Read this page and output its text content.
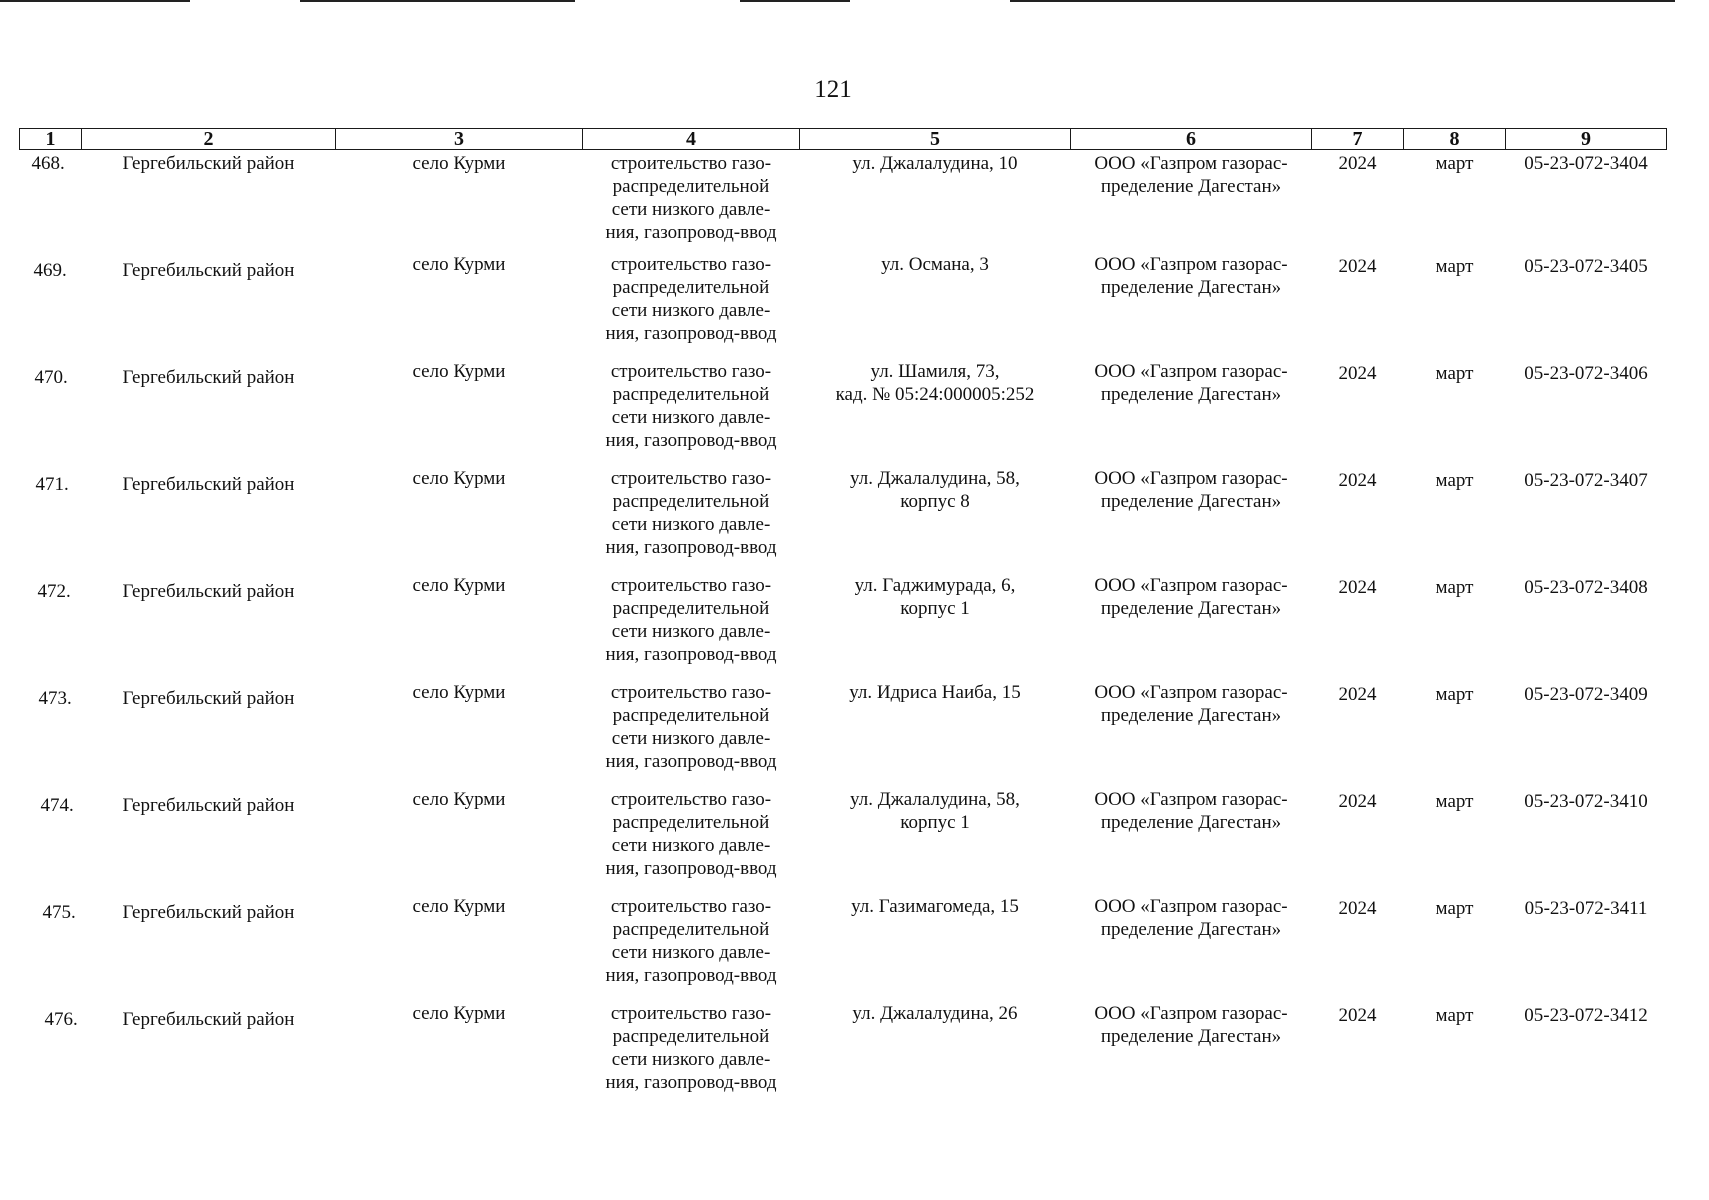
121
1	2	3	4	5	6	7	8	9
468.	Гергебильский район	село Курми	строительство газо-
распределительной
сети низкого давле-
ния, газопровод-ввод	ул. Джалалудина, 10	ООО «Газпром газорас-
пределение Дагестан»	2024	март	05-23-072-3404
469.	Гергебильский район	село Курми	строительство газо-
распределительной
сети низкого давле-
ния, газопровод-ввод	ул. Османа, 3	ООО «Газпром газорас-
пределение Дагестан»	2024	март	05-23-072-3405
470.	Гергебильский район	село Курми	строительство газо-
распределительной
сети низкого давле-
ния, газопровод-ввод	ул. Шамиля, 73,
кад. № 05:24:000005:252	ООО «Газпром газорас-
пределение Дагестан»	2024	март	05-23-072-3406
471.	Гергебильский район	село Курми	строительство газо-
распределительной
сети низкого давле-
ния, газопровод-ввод	ул. Джалалудина, 58,
корпус 8	ООО «Газпром газорас-
пределение Дагестан»	2024	март	05-23-072-3407
472.	Гергебильский район	село Курми	строительство газо-
распределительной
сети низкого давле-
ния, газопровод-ввод	ул. Гаджимурада, 6,
корпус 1	ООО «Газпром газорас-
пределение Дагестан»	2024	март	05-23-072-3408
473.	Гергебильский район	село Курми	строительство газо-
распределительной
сети низкого давле-
ния, газопровод-ввод	ул. Идриса Наиба, 15	ООО «Газпром газорас-
пределение Дагестан»	2024	март	05-23-072-3409
474.	Гергебильский район	село Курми	строительство газо-
распределительной
сети низкого давле-
ния, газопровод-ввод	ул. Джалалудина, 58,
корпус 1	ООО «Газпром газорас-
пределение Дагестан»	2024	март	05-23-072-3410
475.	Гергебильский район	село Курми	строительство газо-
распределительной
сети низкого давле-
ния, газопровод-ввод	ул. Газимагомеда, 15	ООО «Газпром газорас-
пределение Дагестан»	2024	март	05-23-072-3411
476.	Гергебильский район	село Курми	строительство газо-
распределительной
сети низкого давле-
ния, газопровод-ввод	ул. Джалалудина, 26	ООО «Газпром газорас-
пределение Дагестан»	2024	март	05-23-072-3412
